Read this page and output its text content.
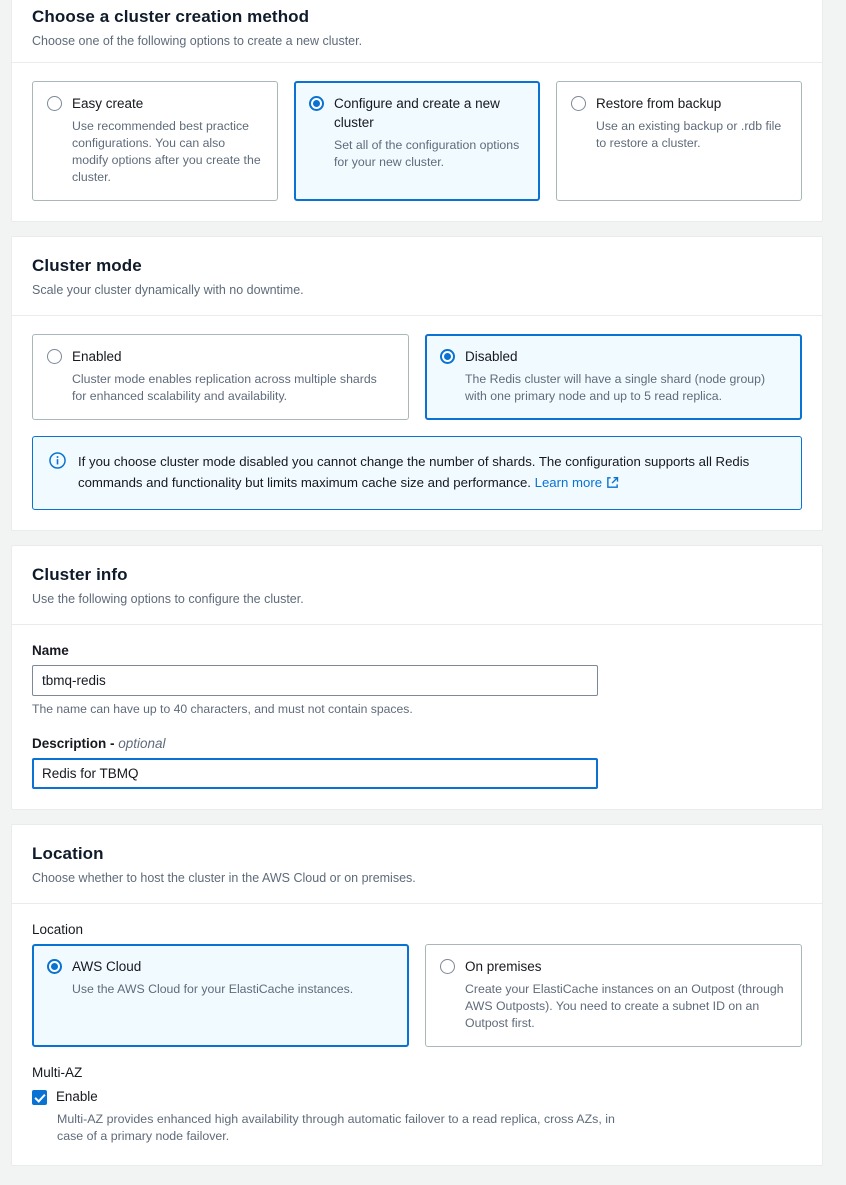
Choose a cluster creation method

Choose one of the following options to create a new cluster.

Easy create
Use recommended best practice configurations. You can also modify options after you create the cluster.
Configure and create a new cluster
Set all of the configuration options for your new cluster.
Restore from backup
Use an existing backup or .rdb file to restore a cluster.
Cluster mode

Scale your cluster dynamically with no downtime.

Enabled
Cluster mode enables replication across multiple shards for enhanced scalability and availability.
Disabled
The Redis cluster will have a single shard (node group) with one primary node and up to 5 read replica.
If you choose cluster mode disabled you cannot change the number of shards. The configuration supports all Redis commands and functionality but limits maximum cache size and performance. Learn more
Cluster info

Use the following options to configure the cluster.

Name

tbmq-redis

The name can have up to 40 characters, and must not contain spaces.

Description - optional

Redis for TBMQ
Location

Choose whether to host the cluster in the AWS Cloud or on premises.

Location

AWS Cloud
Use the AWS Cloud for your ElastiCache instances.
On premises
Create your ElastiCache instances on an Outpost (through AWS Outposts). You need to create a subnet ID on an Outpost first.

Multi-AZ

Enable

Multi-AZ provides enhanced high availability through automatic failover to a read replica, cross AZs, in case of a primary node failover.
